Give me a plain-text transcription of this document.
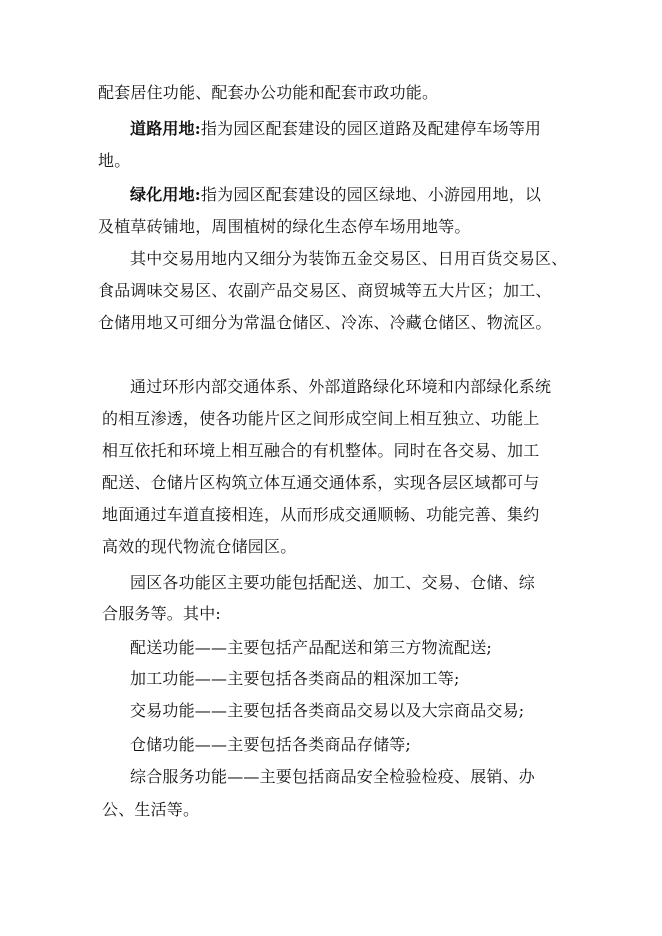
配套居住功能、配套办公功能和配套市政功能。
道路用地:指为园区配套建设的园区道路及配建停车场等用
地。
绿化用地:指为园区配套建设的园区绿地、小游园用地，以
及植草砖铺地，周围植树的绿化生态停车场用地等。
其中交易用地内又细分为装饰五金交易区、日用百货交易区、
食品调味交易区、农副产品交易区、商贸城等五大片区；加工、
仓储用地又可细分为常温仓储区、冷冻、冷藏仓储区、物流区。
通过环形内部交通体系、外部道路绿化环境和内部绿化系统
的相互渗透，使各功能片区之间形成空间上相互独立、功能上
相互依托和环境上相互融合的有机整体。同时在各交易、加工
配送、仓储片区构筑立体互通交通体系，实现各层区域都可与
地面通过车道直接相连，从而形成交通顺畅、功能完善、集约
高效的现代物流仓储园区。
园区各功能区主要功能包括配送、加工、交易、仓储、综
合服务等。其中:
配送功能——主要包括产品配送和第三方物流配送;
加工功能——主要包括各类商品的粗深加工等;
交易功能——主要包括各类商品交易以及大宗商品交易;
仓储功能——主要包括各类商品存储等;
综合服务功能——主要包括商品安全检验检疫、展销、办
公、生活等。
